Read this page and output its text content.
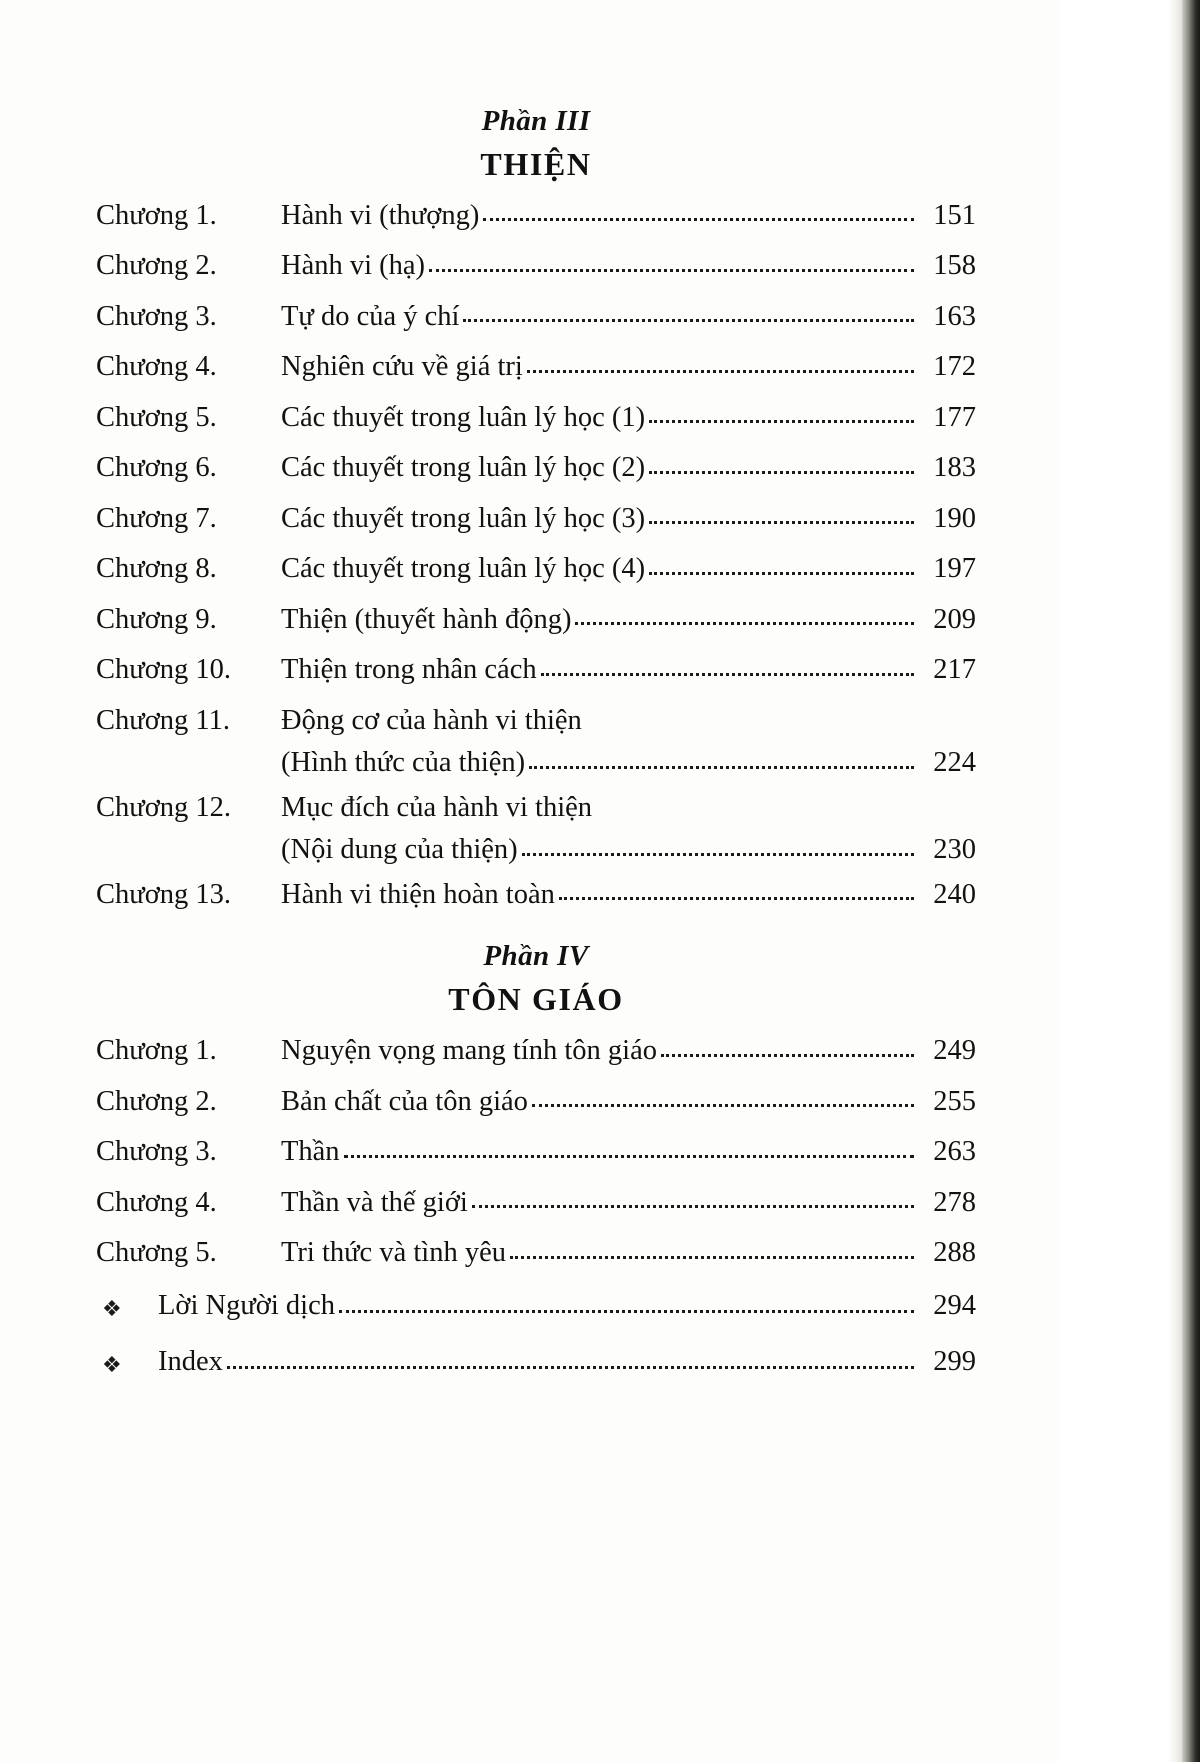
Phần III
THIỆN
Chương 1.	Hành vi (thượng)	151
Chương 2.	Hành vi (hạ)	158
Chương 3.	Tự do của ý chí	163
Chương 4.	Nghiên cứu về giá trị	172
Chương 5.	Các thuyết trong luân lý học (1)	177
Chương 6.	Các thuyết trong luân lý học (2)	183
Chương 7.	Các thuyết trong luân lý học (3)	190
Chương 8.	Các thuyết trong luân lý học (4)	197
Chương 9.	Thiện (thuyết hành động)	209
Chương 10.	Thiện trong nhân cách	217
Chương 11.	Động cơ của hành vi thiện
(Hình thức của thiện)	224
Chương 12.	Mục đích của hành vi thiện
(Nội dung của thiện)	230
Chương 13.	Hành vi thiện hoàn toàn	240
Phần IV
TÔN GIÁO
Chương 1.	Nguyện vọng mang tính tôn giáo	249
Chương 2.	Bản chất của tôn giáo	255
Chương 3.	Thần	263
Chương 4.	Thần và thế giới	278
Chương 5.	Tri thức và tình yêu	288
❖	Lời Người dịch	294
❖	Index	299
